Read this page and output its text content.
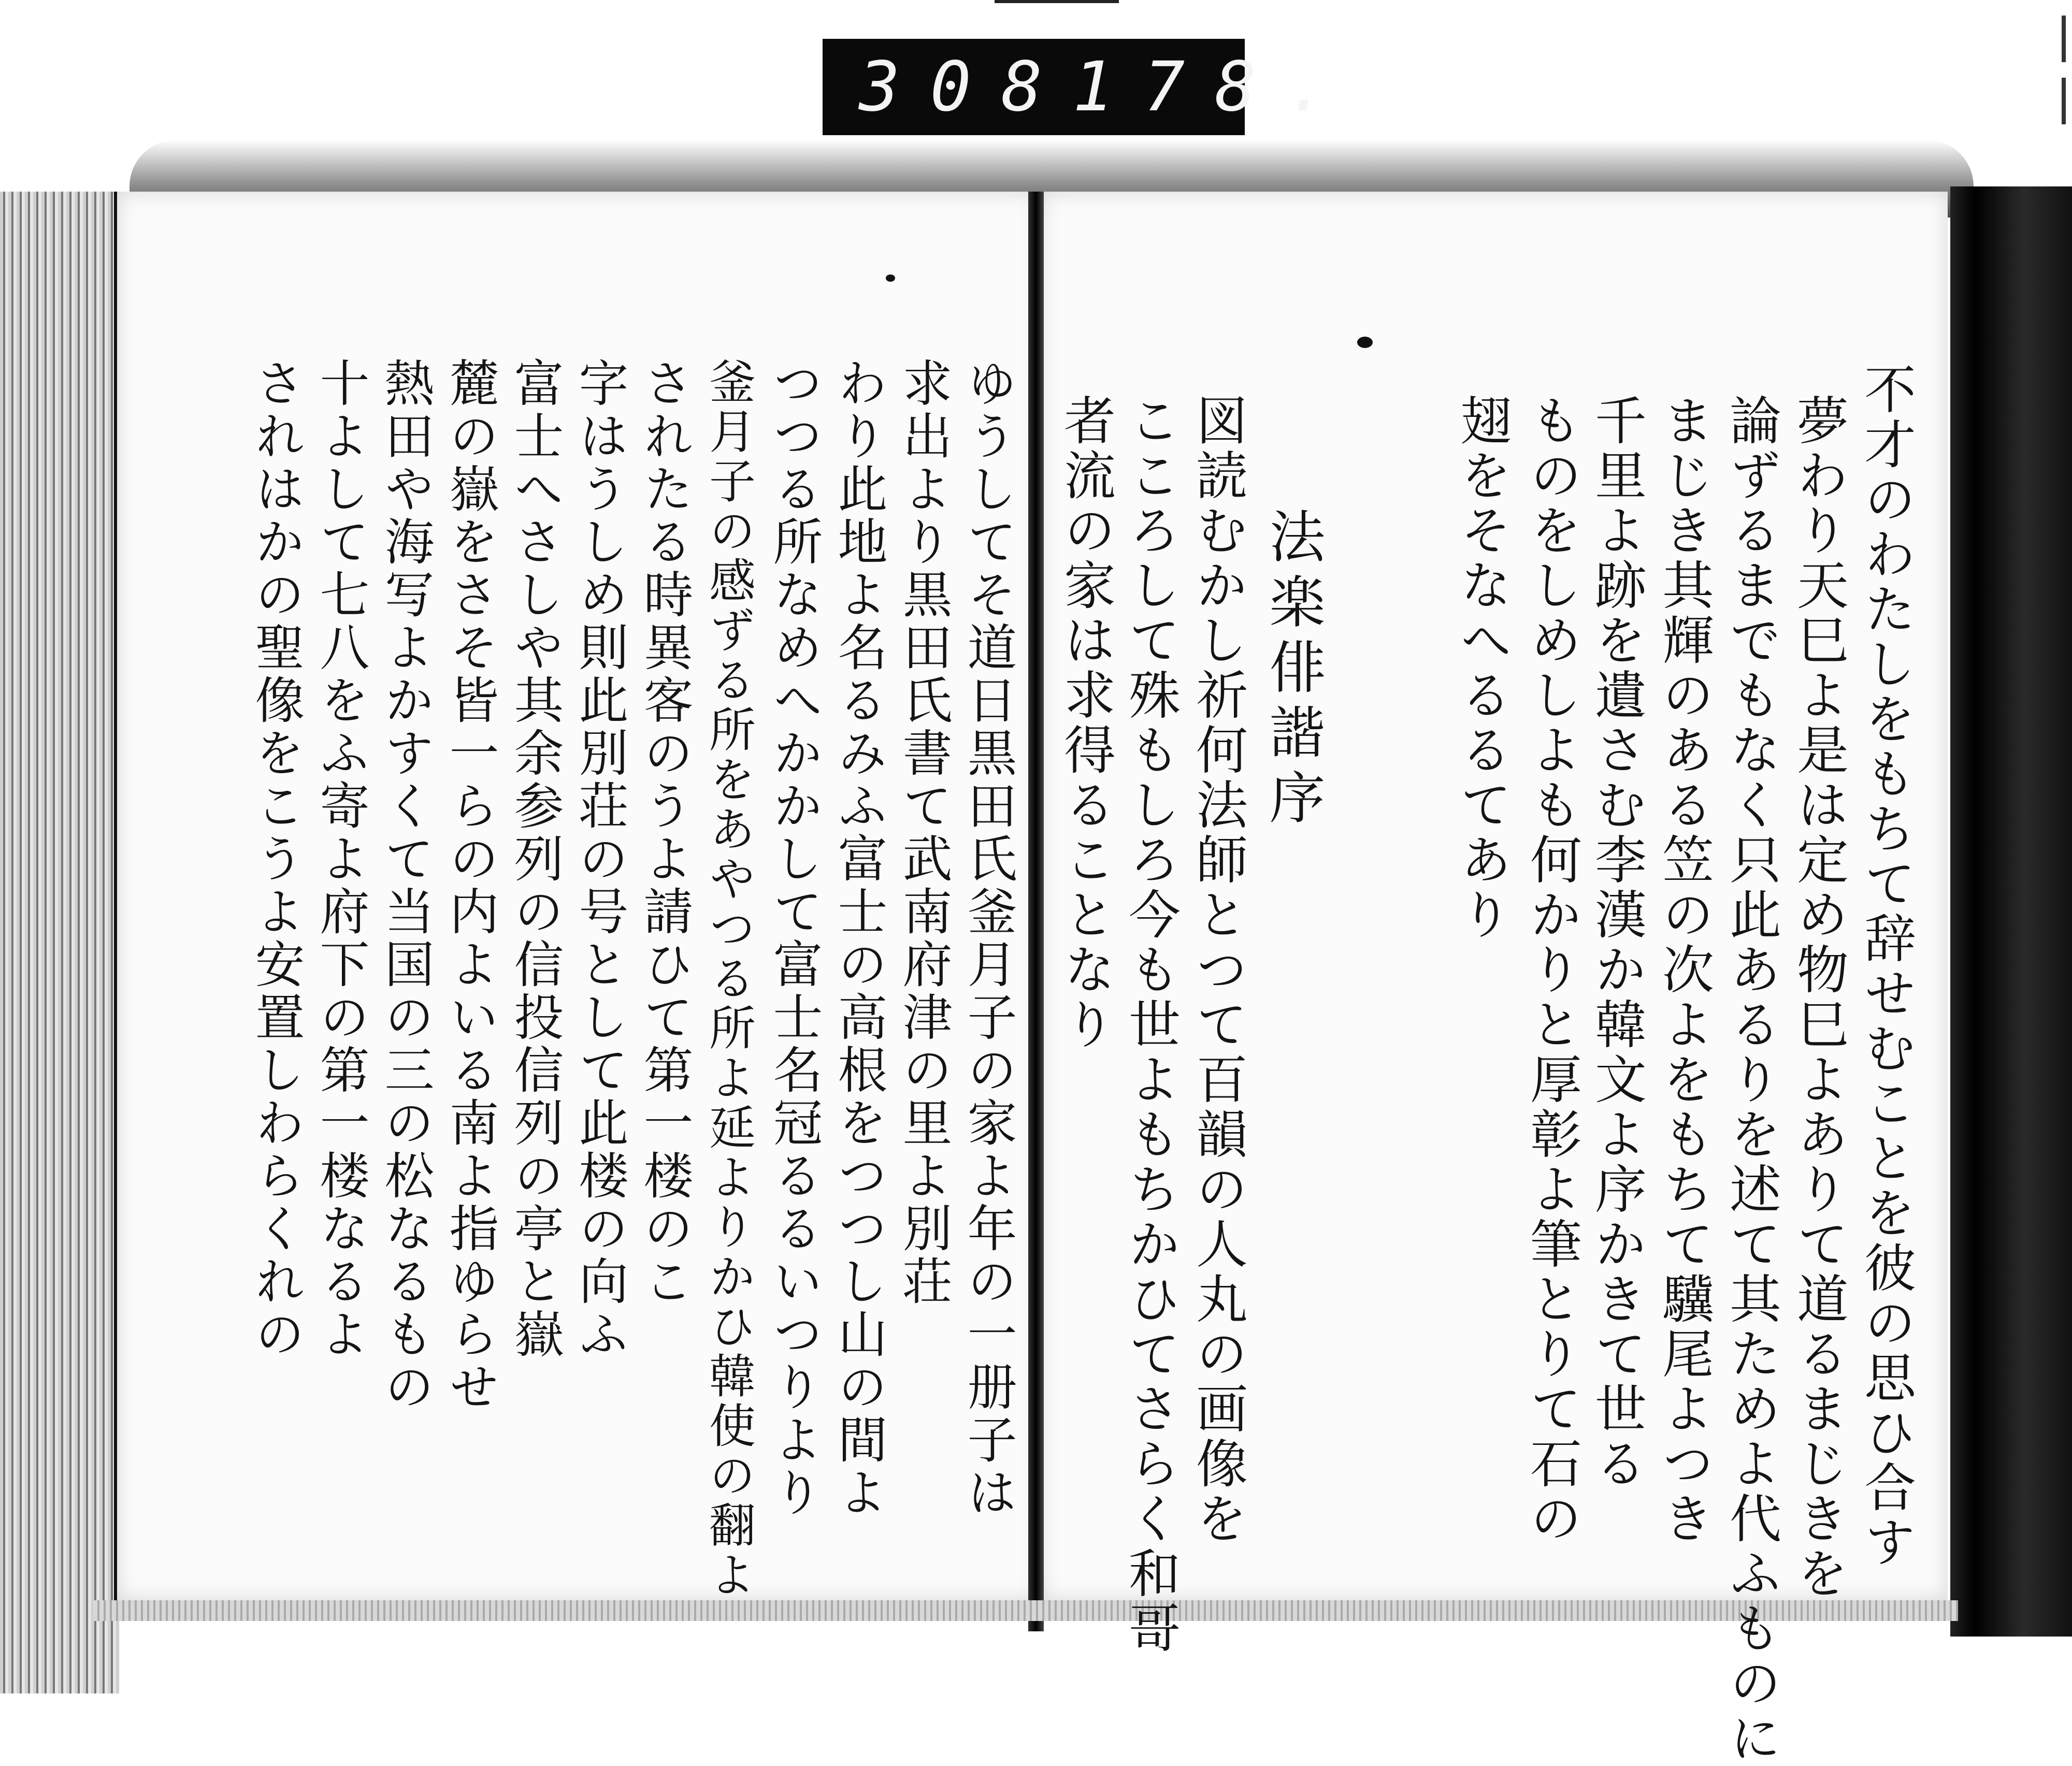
308 178.
不才のわたしをもちて辞せむことを彼の思ひ合す
夢わり天巳よ是は定め物巳よありて道るまじきを
論ずるまでもなく只此あるりを述て其ためよ代ふものに
まじき其輝のある笠の次よをもちて驥尾よつき
千里よ跡を遺さむ李漢か韓文よ序かきて世る
ものをしめしよも何かりと厚彰よ筆とりて石の
翅をそなへるるてあり
法楽俳諧序
図読むかし祈何法師とつて百韻の人丸の画像を
こころして殊もしろ今も世よもちかひてさらく和哥
者流の家は求得ることなり
ゆうしてそ道日黒田氏釜月子の家よ年の一册子は
求出より黒田氏書て武南府津の里よ別荘
わり此地よ名るみふ富士の高根をつつし山の間よ
つつる所なめへかかして富士名冠るるいつりより
釜月子の感ずる所をあやつる所よ延よりかひ韓使の翻よ
されたる時異客のうよ請ひて第一楼のこ
字はうしめ則此別荘の号として此楼の向ふ
富士へさしや其余参列の信投信列の亭と嶽
麓の嶽をさそ皆一らの内よいる南よ指ゆらせ
熱田や海写よかすくて当国の三の松なるもの
十よして七八をふ寄よ府下の第一楼なるよ
されはかの聖像をこうよ安置しわらくれの
